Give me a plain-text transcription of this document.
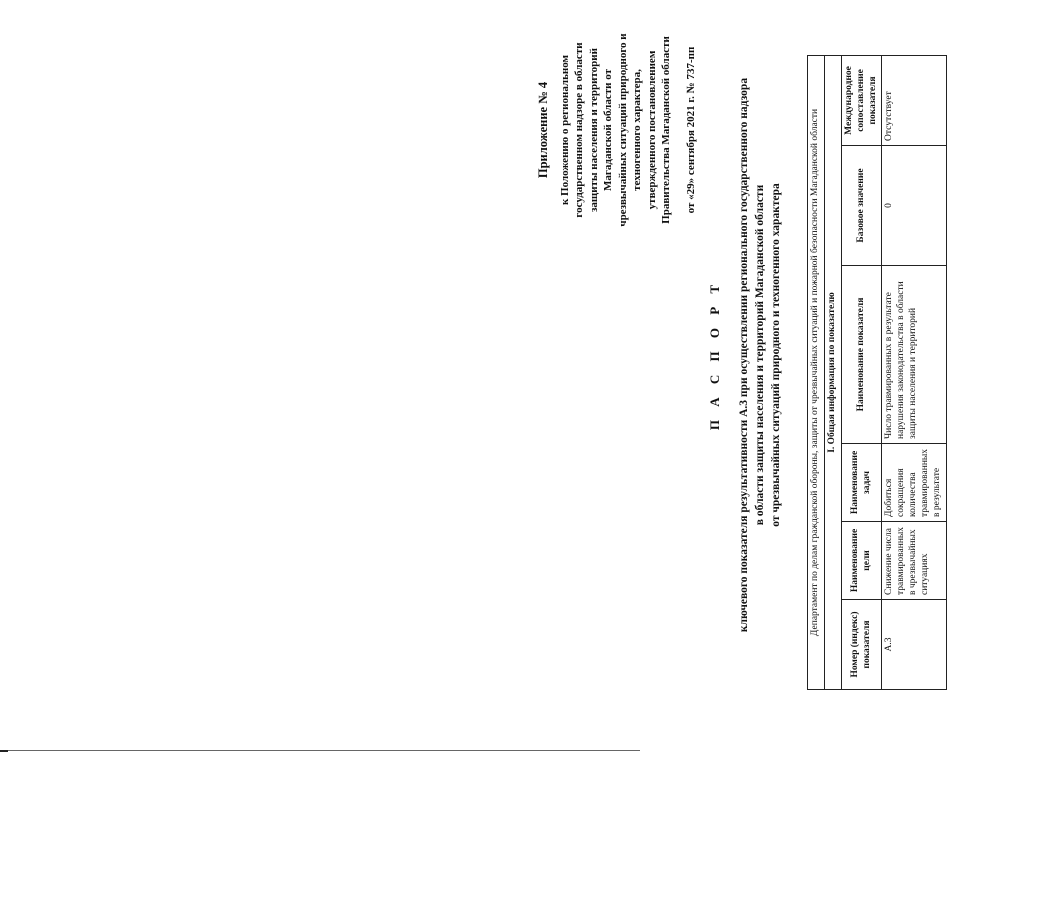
Приложение № 4 к Положению о региональном государственном надзоре в области защиты населения и территорий Магаданской области от чрезвычайных ситуаций природного и техногенного характера, утвержденного постановлением Правительства Магаданской области от «29» сентября 2021 г. № 737-пп
П А С П О Р Т ключевого показателя результативности А.3 при осуществлении регионального государственного надзора в области защиты населения и территорий Магаданской области от чрезвычайных ситуаций природного и техногенного характера	Департамент по делам гражданской обороны, защиты от чрезвычайных ситуаций и пожарной безопасности Магаданской области					
I. Общая информация по показателю					
Номер (индекс) показателя	Наименование цели	Наименование задач	Наименование показателя	Базовое значение	Международное сопоставление показателя
А.3	Снижение числа травмированных в чрезвычайных ситуациях	Добиться сокращения количества травмированных в результате	Число травмированных в результате нарушения законодательства в области защиты населения и территорий	0	Отсутствует
